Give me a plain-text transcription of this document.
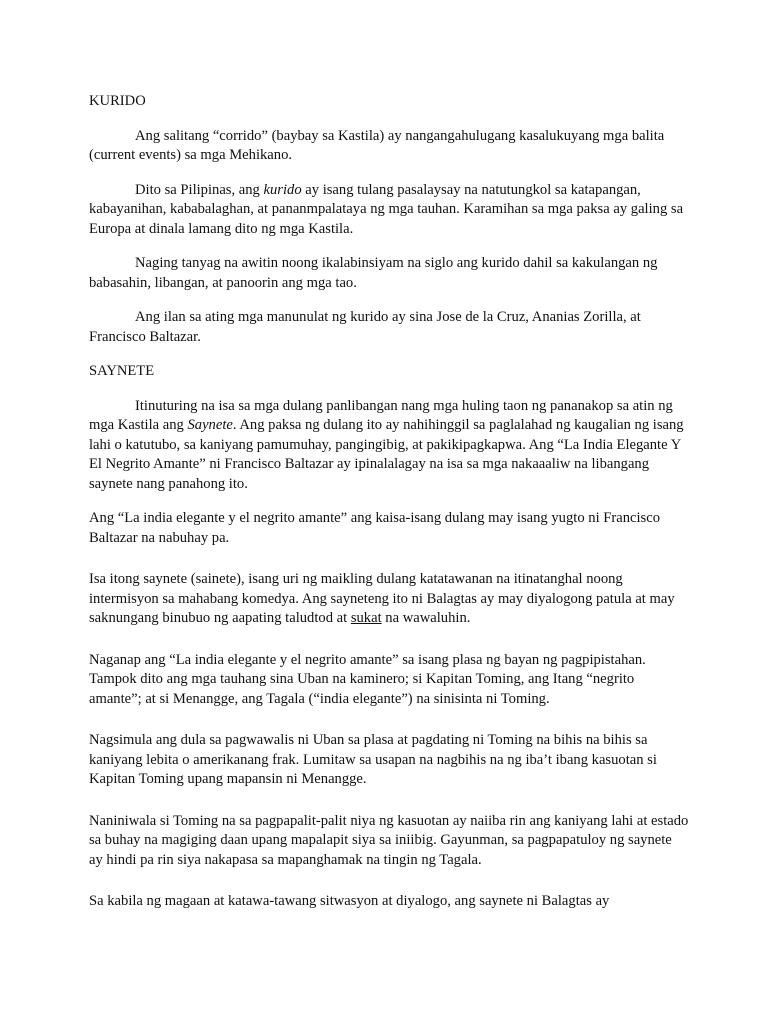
KURIDO
Ang salitang “corrido” (baybay sa Kastila) ay nangangahulugang kasalukuyang mga balita (current events) sa mga Mehikano.
Dito sa Pilipinas, ang kurido ay isang tulang pasalaysay na natutungkol sa katapangan, kabayanihan, kababalaghan, at pananmpalataya ng mga tauhan. Karamihan sa mga paksa ay galing sa Europa at dinala lamang dito ng mga Kastila.
Naging tanyag na awitin noong ikalabinsiyam na siglo ang kurido dahil sa kakulangan ng babasahin, libangan, at panoorin ang mga tao.
Ang ilan sa ating mga manunulat ng kurido ay sina Jose de la Cruz, Ananias Zorilla, at Francisco Baltazar.
SAYNETE
Itinuturing na isa sa mga dulang panlibangan nang mga huling taon ng pananakop sa atin ng mga Kastila ang Saynete. Ang paksa ng dulang ito ay nahihinggil sa paglalahad ng kaugalian ng isang lahi o katutubo, sa kaniyang pamumuhay, pangingibig, at pakikipagkapwa. Ang “La India Elegante Y El Negrito Amante” ni Francisco Baltazar ay ipinalalagay na isa sa mga nakaaaliw na libangang saynete nang panahong ito.
Ang “La india elegante y el negrito amante” ang kaisa-isang dulang may isang yugto ni Francisco Baltazar na nabuhay pa.
Isa itong saynete (sainete), isang uri ng maikling dulang katatawanan na itinatanghal noong intermisyon sa mahabang komedya. Ang sayneteng ito ni Balagtas ay may diyalogong patula at may saknungang binubuo ng aapating taludtod at sukat na wawaluhin.
Naganap ang “La india elegante y el negrito amante” sa isang plasa ng bayan ng pagpipistahan. Tampok dito ang mga tauhang sina Uban na kaminero; si Kapitan Toming, ang Itang “negrito amante”; at si Menangge, ang Tagala (“india elegante”) na sinisinta ni Toming.
Nagsimula ang dula sa pagwawalis ni Uban sa plasa at pagdating ni Toming na bihis na bihis sa kaniyang lebita o amerikanang frak. Lumitaw sa usapan na nagbihis na ng iba’t ibang kasuotan si Kapitan Toming upang mapansin ni Menangge.
Naniniwala si Toming na sa pagpapalit-palit niya ng kasuotan ay naiiba rin ang kaniyang lahi at estado sa buhay na magiging daan upang mapalapit siya sa iniibig. Gayunman, sa pagpapatuloy ng saynete ay hindi pa rin siya nakapasa sa mapanghamak na tingin ng Tagala.
Sa kabila ng magaan at katawa-tawang sitwasyon at diyalogo, ang saynete ni Balagtas ay
